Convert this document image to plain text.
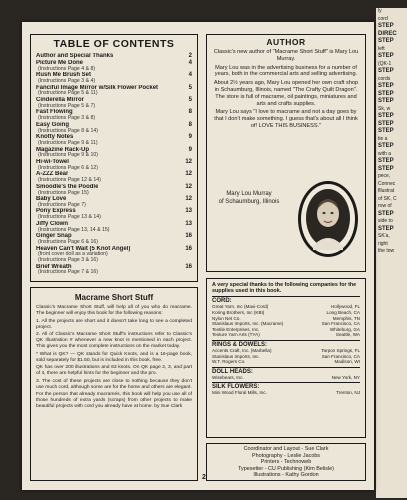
ly
cord
STEP
DIREC
STEP
left
STEP
(QK-1
STEP
cords
STEP
STEP
STEP
Sk, w
STEP
STEP
STEP
tie a
STEP
with a
STEP
STEP
pece,
Connec
fllustrat
of SK, C
row of
STEP
side to
STEP
SK'a,
right
the tow
TABLE OF CONTENTS
Author and Special Thanks	2
Picture Me Done	4
(Instructions Page 4 & 8)
Rush Me Brush Set	4
(Instructions Page 3 & 4)
Fanciful Image Mirror w/Silk Flower Pocket	5
(Instructions Page 5 & 11)
Cinderella Mirror	5
(Instructions Page 5 & 7)
Fast Flowing	8
(Instructions Page 3 & 8)
Easy Going	8
(Instructions Page 8 & 14)
Knotty Notes	9
(Instructions Page 9 & 11)
Magazine Rack-Up	9
(Instructions Page 9 & 10)
Hi-wi-Towel	12
(Instructions Page 6 & 12)
A-ZZZ Bear	12
(Instructions Page 12 & 14)
Smoodle's the Poodle	12
(Instructions Page 15)
Baby Love	12
(Instructions Page 7)
Pony Express	13
(Instructions Page 13 & 14)
Jiffy Clown	13
(Instructions Page 13, 14 & 15)
Ginger Snap	16
(Instructions Page 6 & 16)
Heaven Can't Wait (5 Knot Angel)	16
(front cover doll as a variation)
(Instructions Page 3 & 16)
Brief Wreath	16
(Instructions Page 7 & 16)
Macrame Short Stuff

Classic's Macrame Short Stuff, will help all of you who do macrame. The beginner will enjoy this book for the following reasons:

1. All the projects are short and it doesn't take long to see a completed project.

2. All of Classic's Macrame Short Stuff's instructions refer to Classic's QK Illustration # whenever a new knot is mentioned in each project. This gives you the most complete instructions on the market today.

* What is QK? — QK stands for Quick Knots, and is a 16-page book, sold separately for $1.50, but is included in this book, free.

QK has over 200 illustrations and 63 knots. On QK page 2, 3, and part of 4, there are helpful hints for the beginner and the pro.

3. The cost of these projects are close to nothing because they don't use much cord, although some are for the home and others are elegant.

For the person that already macramés, this book will help you use all of those hundreds of extra yards (scraps) from other projects to make beautiful projects with cord you already have at home. by Sue Clark

AUTHOR

Classic's new author of "Macrame Short Stuff" is Mary Lou Murray.

Mary Lou was in the advertising business for a number of years, both in the commercial arts and selling advertising.

About 2½ years ago, Mary Lou opened her own craft shop in Schaumburg, Illinois, named "The Crafty Quilt Dragon". The store is full of macrame, oil paintings, miniatures and arts and crafts supplies.

Mary Lou says "I love to macrame and not a day goes by that I don't make something. I guess that's about all I think of! LOVE THIS BUSINESS."

Mary Lou Murray
of Schaumburg, Illinois
A very special thanks to the following companies for the supplies used in this book.
CORD:
Great Yarn, Inc (Maxi-Cord)	Hollywood, FL
Koring Brothers, Inc (KBI)	Long Beach, CA
Nylon Net Co.	Memphis, TN
Stanislaus Imports, Inc. (Macrame)	San Francisco, CA
Textile Enterprises, Inc.	Whiteburg, GA
Texture Yarn Arts (TYA)	Seattle, WA
RINGS & DOWELS:
Accents Craft, Inc. (Marbella)	Tarpon Springs, FL
Stanislaus Imports, Inc.	San Francisco, CA
W.T. Rogers Co.	Madison, WI
DOLL HEADS:
Wisebears, Inc.	New York, NY
SILK FLOWERS:
Mini Wood Floral Mills, Inc.	Trenton, NJ
Coordinator and Layout - Sue Clark
Photography - Leslie Jacobs
Printers - Technoweb
Typesetter - CU Publishing (Kim Belisle)
Illustrations - Kathy Gordon
2
